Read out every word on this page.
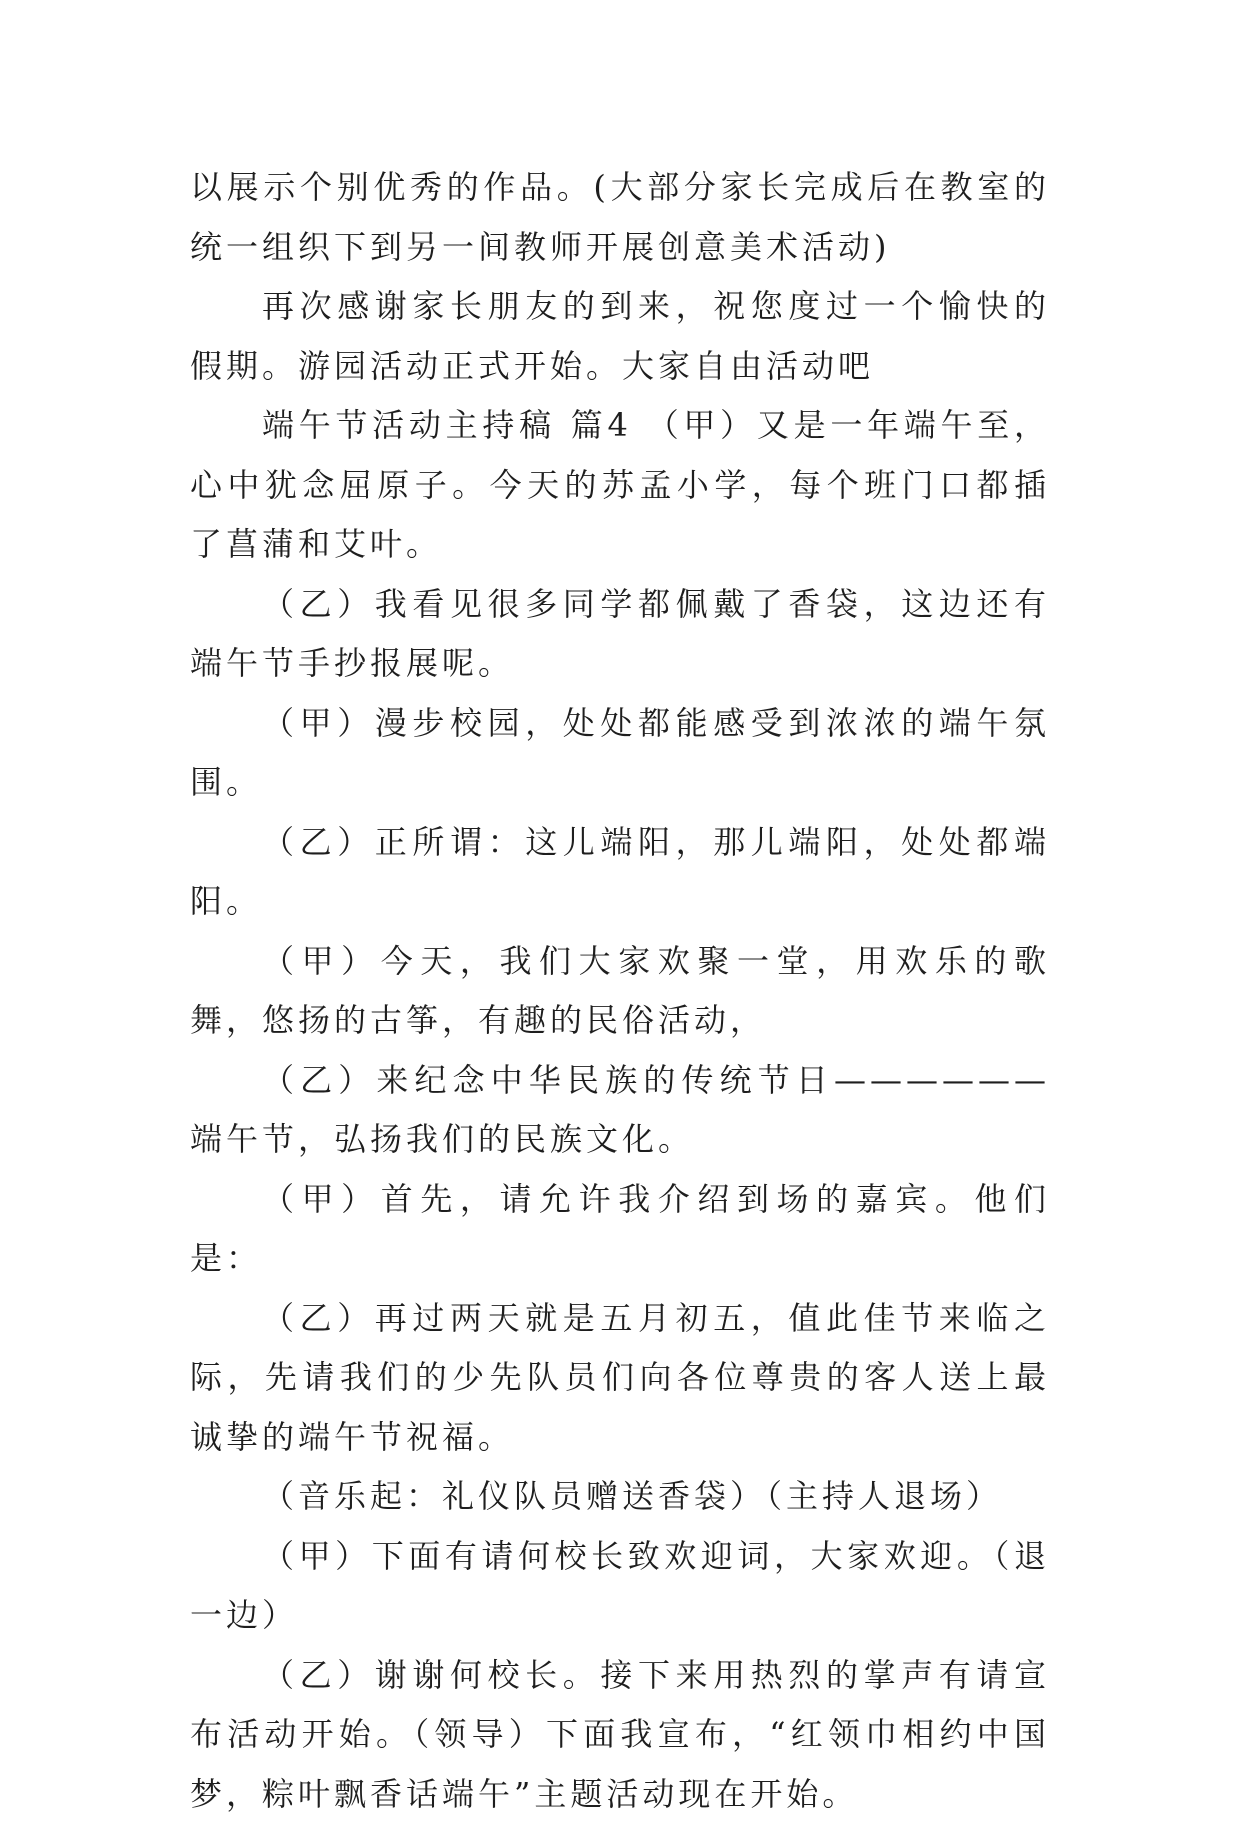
以展示个别优秀的作品。(大部分家长完成后在教室的统一组织下到另一间教师开展创意美术活动)

再次感谢家长朋友的到来，祝您度过一个愉快的假期。游园活动正式开始。大家自由活动吧

端午节活动主持稿 篇4 （甲）又是一年端午至，心中犹念屈原子。今天的苏孟小学，每个班门口都插了菖蒲和艾叶。

（乙）我看见很多同学都佩戴了香袋，这边还有端午节手抄报展呢。

（甲）漫步校园，处处都能感受到浓浓的端午氛围。

（乙）正所谓：这儿端阳，那儿端阳，处处都端阳。

（甲）今天，我们大家欢聚一堂，用欢乐的歌舞，悠扬的古筝，有趣的民俗活动，

（乙）来纪念中华民族的传统节日——————端午节，弘扬我们的民族文化。

（甲）首先，请允许我介绍到场的嘉宾。他们是：

（乙）再过两天就是五月初五，值此佳节来临之际，先请我们的少先队员们向各位尊贵的客人送上最诚挚的端午节祝福。

（音乐起：礼仪队员赠送香袋）（主持人退场）

（甲）下面有请何校长致欢迎词，大家欢迎。（退一边）

（乙）谢谢何校长。接下来用热烈的掌声有请宣布活动开始。（领导）下面我宣布，“红领巾相约中国梦，粽叶飘香话端午”主题活动现在开始。
